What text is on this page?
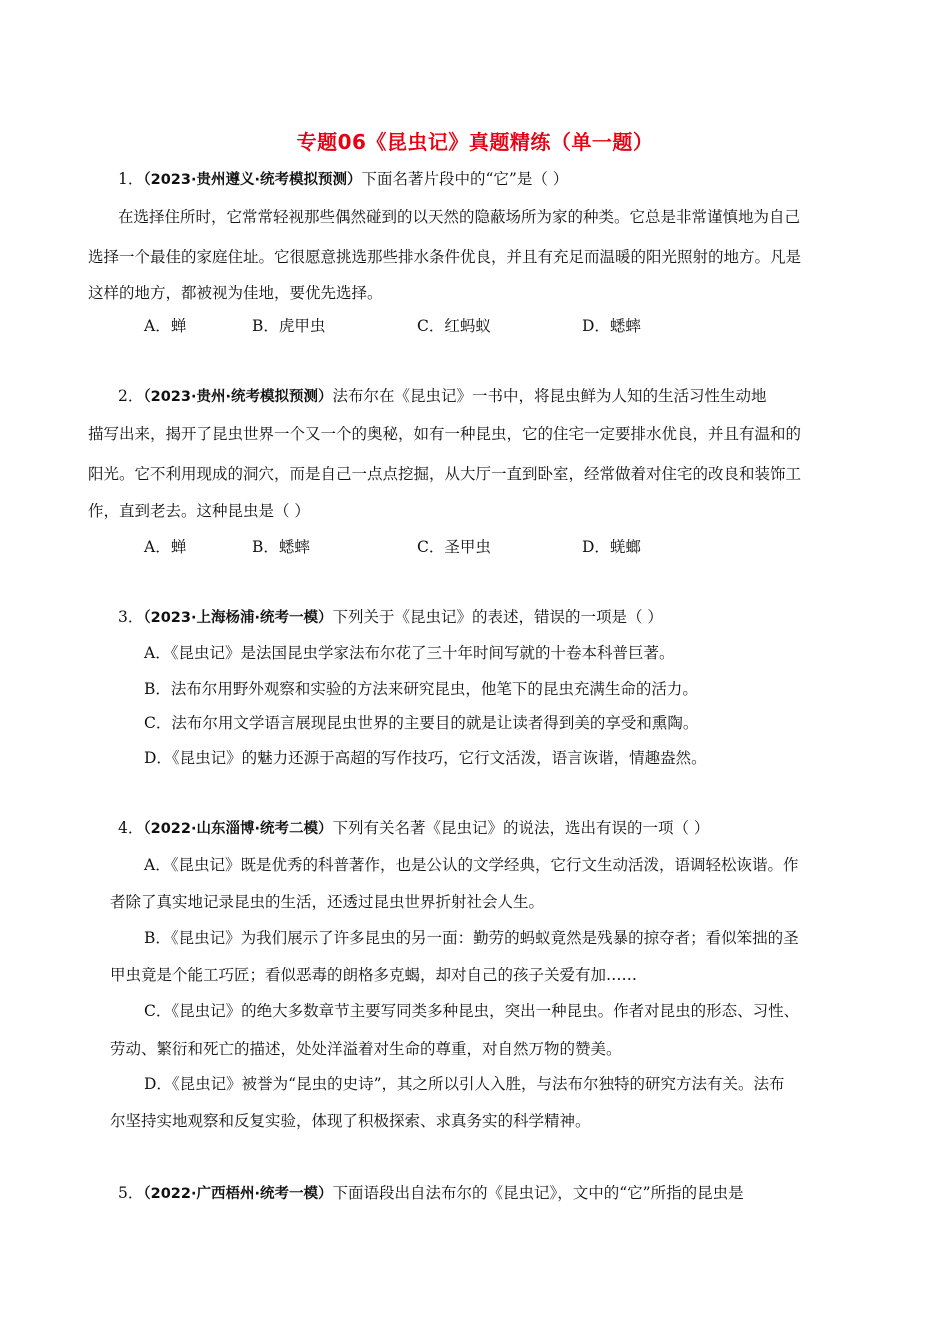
专题06《昆虫记》真题精练（单一题）
1．（2023·贵州遵义·统考模拟预测）下面名著片段中的“它”是（ ）
在选择住所时，它常常轻视那些偶然碰到的以天然的隐蔽场所为家的种类。它总是非常谨慎地为自己
选择一个最佳的家庭住址。它很愿意挑选那些排水条件优良，并且有充足而温暖的阳光照射的地方。凡是
这样的地方，都被视为佳地，要优先选择。
A．蝉	B．虎甲虫	C．红蚂蚁	D．蟋蟀
2．（2023·贵州·统考模拟预测）法布尔在《昆虫记》一书中，将昆虫鲜为人知的生活习性生动地
描写出来，揭开了昆虫世界一个又一个的奥秘，如有一种昆虫，它的住宅一定要排水优良，并且有温和的
阳光。它不利用现成的洞穴，而是自己一点点挖掘，从大厅一直到卧室，经常做着对住宅的改良和装饰工
作，直到老去。这种昆虫是（ ）
A．蝉	B．蟋蟀	C．圣甲虫	D．蜣螂
3．（2023·上海杨浦·统考一模）下列关于《昆虫记》的表述，错误的一项是（ ）
A．《昆虫记》是法国昆虫学家法布尔花了三十年时间写就的十卷本科普巨著。
B．法布尔用野外观察和实验的方法来研究昆虫，他笔下的昆虫充满生命的活力。
C．法布尔用文学语言展现昆虫世界的主要目的就是让读者得到美的享受和熏陶。
D．《昆虫记》的魅力还源于高超的写作技巧，它行文活泼，语言诙谐，情趣盎然。
4．（2022·山东淄博·统考二模）下列有关名著《昆虫记》的说法，选出有误的一项（ ）
A．《昆虫记》既是优秀的科普著作，也是公认的文学经典，它行文生动活泼，语调轻松诙谐。作
者除了真实地记录昆虫的生活，还透过昆虫世界折射社会人生。
B．《昆虫记》为我们展示了许多昆虫的另一面：勤劳的蚂蚁竟然是残暴的掠夺者；看似笨拙的圣
甲虫竟是个能工巧匠；看似恶毒的朗格多克蝎，却对自己的孩子关爱有加……
C．《昆虫记》的绝大多数章节主要写同类多种昆虫，突出一种昆虫。作者对昆虫的形态、习性、
劳动、繁衍和死亡的描述，处处洋溢着对生命的尊重，对自然万物的赞美。
D．《昆虫记》被誉为“昆虫的史诗”，其之所以引人入胜，与法布尔独特的研究方法有关。法布
尔坚持实地观察和反复实验，体现了积极探索、求真务实的科学精神。
5．（2022·广西梧州·统考一模）下面语段出自法布尔的《昆虫记》，文中的“它”所指的昆虫是
